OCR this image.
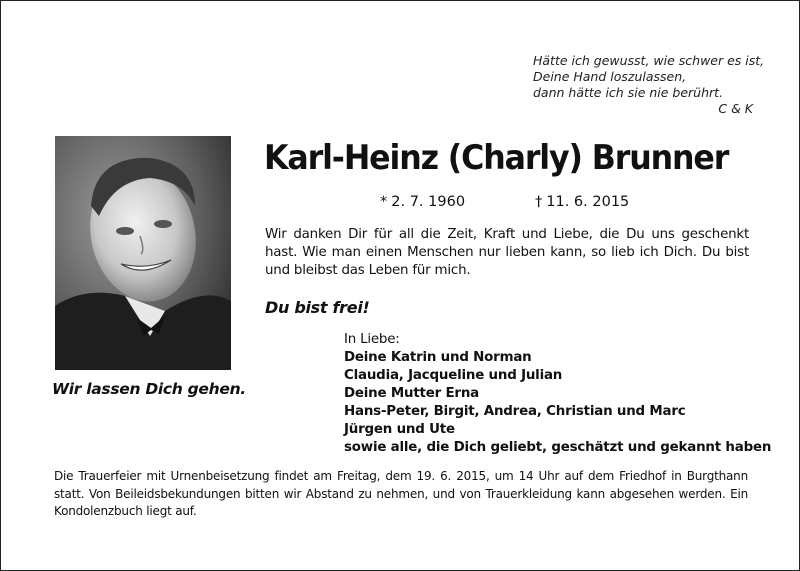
Hätte ich gewusst, wie schwer es ist,
Deine Hand loszulassen,
dann hätte ich sie nie berührt.
C & K
Wir lassen Dich gehen.
Karl-Heinz (Charly) Brunner
* 2. 7. 1960	† 11. 6. 2015
Wir danken Dir für all die Zeit, Kraft und Liebe, die Du uns geschenkt hast. Wie man einen Menschen nur lieben kann, so lieb ich Dich. Du bist und bleibst das Leben für mich.
Du bist frei!
In Liebe:
Deine Katrin und Norman
Claudia, Jacqueline und Julian
Deine Mutter Erna
Hans-Peter, Birgit, Andrea, Christian und Marc
Jürgen und Ute
sowie alle, die Dich geliebt, geschätzt und gekannt haben
Die Trauerfeier mit Urnenbeisetzung findet am Freitag, dem 19. 6. 2015, um 14 Uhr auf dem Friedhof in Burgthann statt. Von Beileidsbekundungen bitten wir Abstand zu nehmen, und von Trauerkleidung kann abgesehen werden. Ein Kondolenzbuch liegt auf.
